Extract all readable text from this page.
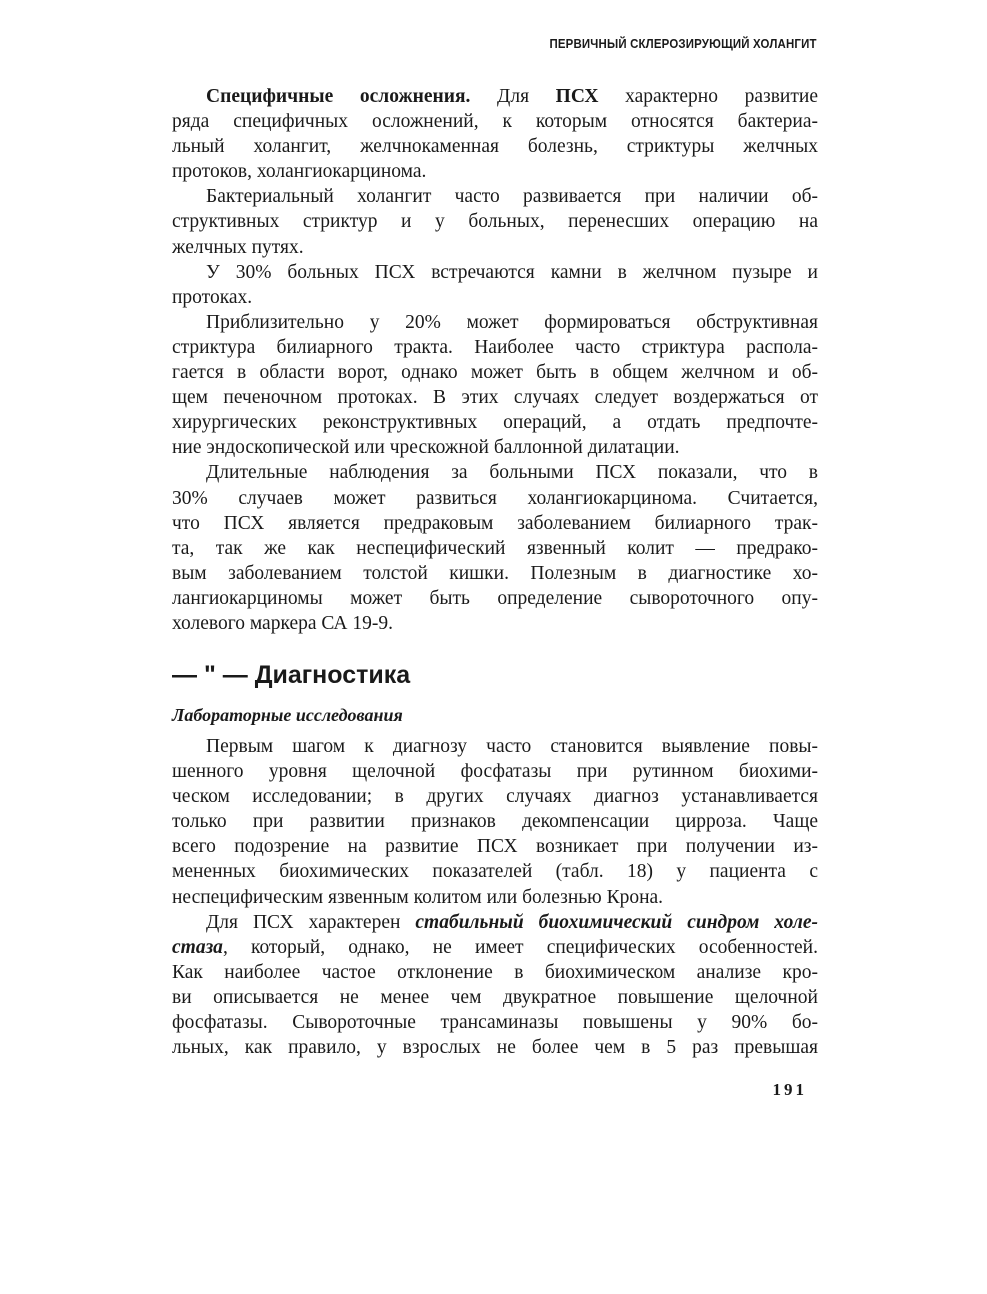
ПЕРВИЧНЫЙ СКЛЕРОЗИРУЮЩИЙ ХОЛАНГИТ
Специфичные осложнения. Для ПСХ характерно развитие
ряда специфичных осложнений, к которым относятся бактериа-
льный холангит, желчнокаменная болезнь, стриктуры желчных
протоков, холангиокарцинома.
Бактериальный холангит часто развивается при наличии об-
структивных стриктур и у больных, перенесших операцию на
желчных путях.
У 30% больных ПСХ встречаются камни в желчном пузыре и
протоках.
Приблизительно у 20% может формироваться обструктивная
стриктура билиарного тракта. Наиболее часто стриктура распола-
гается в области ворот, однако может быть в общем желчном и об-
щем печеночном протоках. В этих случаях следует воздержаться от
хирургических реконструктивных операций, а отдать предпочте-
ние эндоскопической или чрескожной баллонной дилатации.
Длительные наблюдения за больными ПСХ показали, что в
30% случаев может развиться холангиокарцинома. Считается,
что ПСХ является предраковым заболеванием билиарного трак-
та, так же как неспецифический язвенный колит — предрако-
вым заболеванием толстой кишки. Полезным в диагностике хо-
лангиокарциномы может быть определение сывороточного опу-
холевого маркера СА 19-9.
— " — Диагностика
Лабораторные исследования
Первым шагом к диагнозу часто становится выявление повы-
шенного уровня щелочной фосфатазы при рутинном биохими-
ческом исследовании; в других случаях диагноз устанавливается
только при развитии признаков декомпенсации цирроза. Чаще
всего подозрение на развитие ПСХ возникает при получении из-
мененных биохимических показателей (табл. 18) у пациента с
неспецифическим язвенным колитом или болезнью Крона.
Для ПСХ характерен стабильный биохимический синдром холе-
стаза, который, однако, не имеет специфических особенностей.
Как наиболее частое отклонение в биохимическом анализе кро-
ви описывается не менее чем двукратное повышение щелочной
фосфатазы. Сывороточные трансаминазы повышены у 90% бо-
льных, как правило, у взрослых не более чем в 5 раз превышая
191
